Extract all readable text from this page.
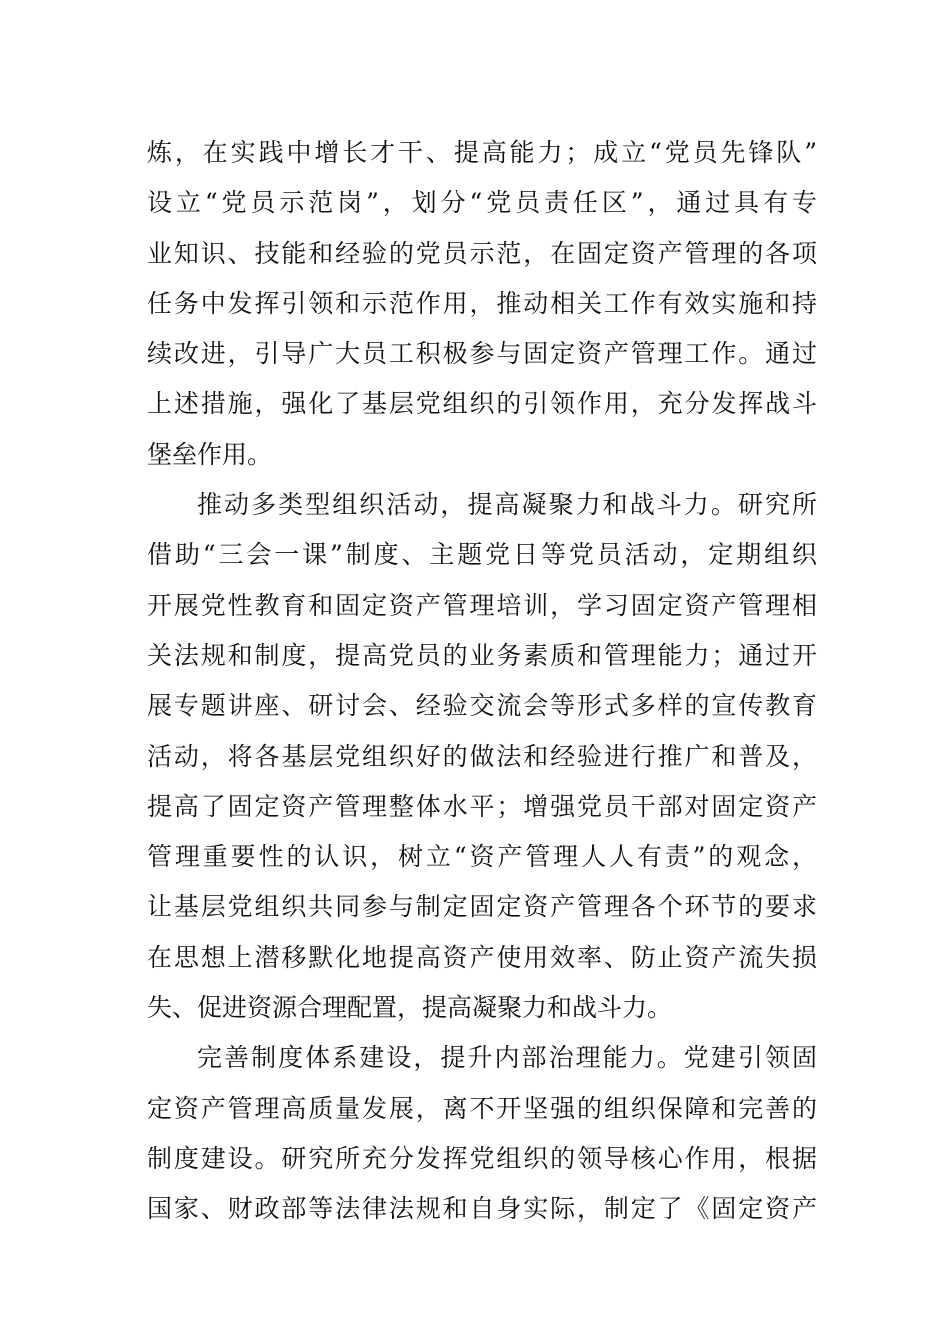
炼，在实践中增长才干、提高能力；成立“党员先锋队”
设立“党员示范岗”，划分“党员责任区”，通过具有专
业知识、技能和经验的党员示范，在固定资产管理的各项
任务中发挥引领和示范作用，推动相关工作有效实施和持
续改进，引导广大员工积极参与固定资产管理工作。通过
上述措施，强化了基层党组织的引领作用，充分发挥战斗
堡垒作用。
推动多类型组织活动，提高凝聚力和战斗力。研究所
借助“三会一课”制度、主题党日等党员活动，定期组织
开展党性教育和固定资产管理培训，学习固定资产管理相
关法规和制度，提高党员的业务素质和管理能力；通过开
展专题讲座、研讨会、经验交流会等形式多样的宣传教育
活动，将各基层党组织好的做法和经验进行推广和普及，
提高了固定资产管理整体水平；增强党员干部对固定资产
管理重要性的认识，树立“资产管理人人有责”的观念，
让基层党组织共同参与制定固定资产管理各个环节的要求
在思想上潜移默化地提高资产使用效率、防止资产流失损
失、促进资源合理配置，提高凝聚力和战斗力。
完善制度体系建设，提升内部治理能力。党建引领固
定资产管理高质量发展，离不开坚强的组织保障和完善的
制度建设。研究所充分发挥党组织的领导核心作用，根据
国家、财政部等法律法规和自身实际，制定了《固定资产
